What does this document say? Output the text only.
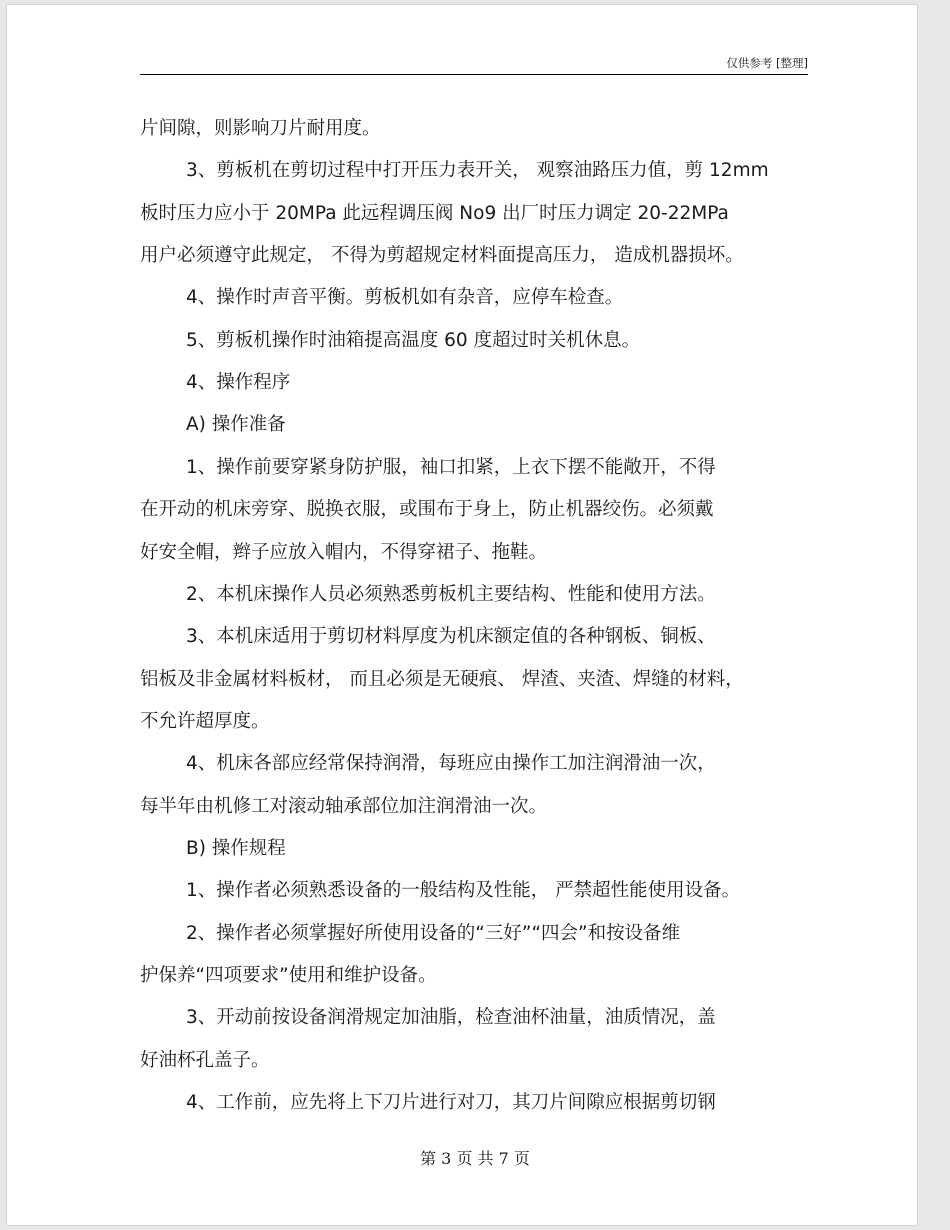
仅供参考 [整理]
片间隙，则影响刀片耐用度。
3、剪板机在剪切过程中打开压力表开关， 观察油路压力值，剪 12mm
板时压力应小于 20MPa 此远程调压阀 No9 出厂时压力调定 20-22MPa
用户必须遵守此规定， 不得为剪超规定材料面提高压力， 造成机器损坏。
4、操作时声音平衡。剪板机如有杂音，应停车检查。
5、剪板机操作时油箱提高温度 60 度超过时关机休息。
4、操作程序
A) 操作准备
1、操作前要穿紧身防护服，袖口扣紧，上衣下摆不能敞开，不得
在开动的机床旁穿、脱换衣服，或围布于身上，防止机器绞伤。必须戴
好安全帽，辫子应放入帽内，不得穿裙子、拖鞋。
2、本机床操作人员必须熟悉剪板机主要结构、性能和使用方法。
3、本机床适用于剪切材料厚度为机床额定值的各种钢板、铜板、
铝板及非金属材料板材， 而且必须是无硬痕、 焊渣、夹渣、焊缝的材料，
不允许超厚度。
4、机床各部应经常保持润滑，每班应由操作工加注润滑油一次，
每半年由机修工对滚动轴承部位加注润滑油一次。
B) 操作规程
1、操作者必须熟悉设备的一般结构及性能， 严禁超性能使用设备。
2、操作者必须掌握好所使用设备的“三好”“四会”和按设备维
护保养“四项要求”使用和维护设备。
3、开动前按设备润滑规定加油脂，检查油杯油量，油质情况，盖
好油杯孔盖子。
4、工作前，应先将上下刀片进行对刀，其刀片间隙应根据剪切钢
第 3 页 共 7 页
